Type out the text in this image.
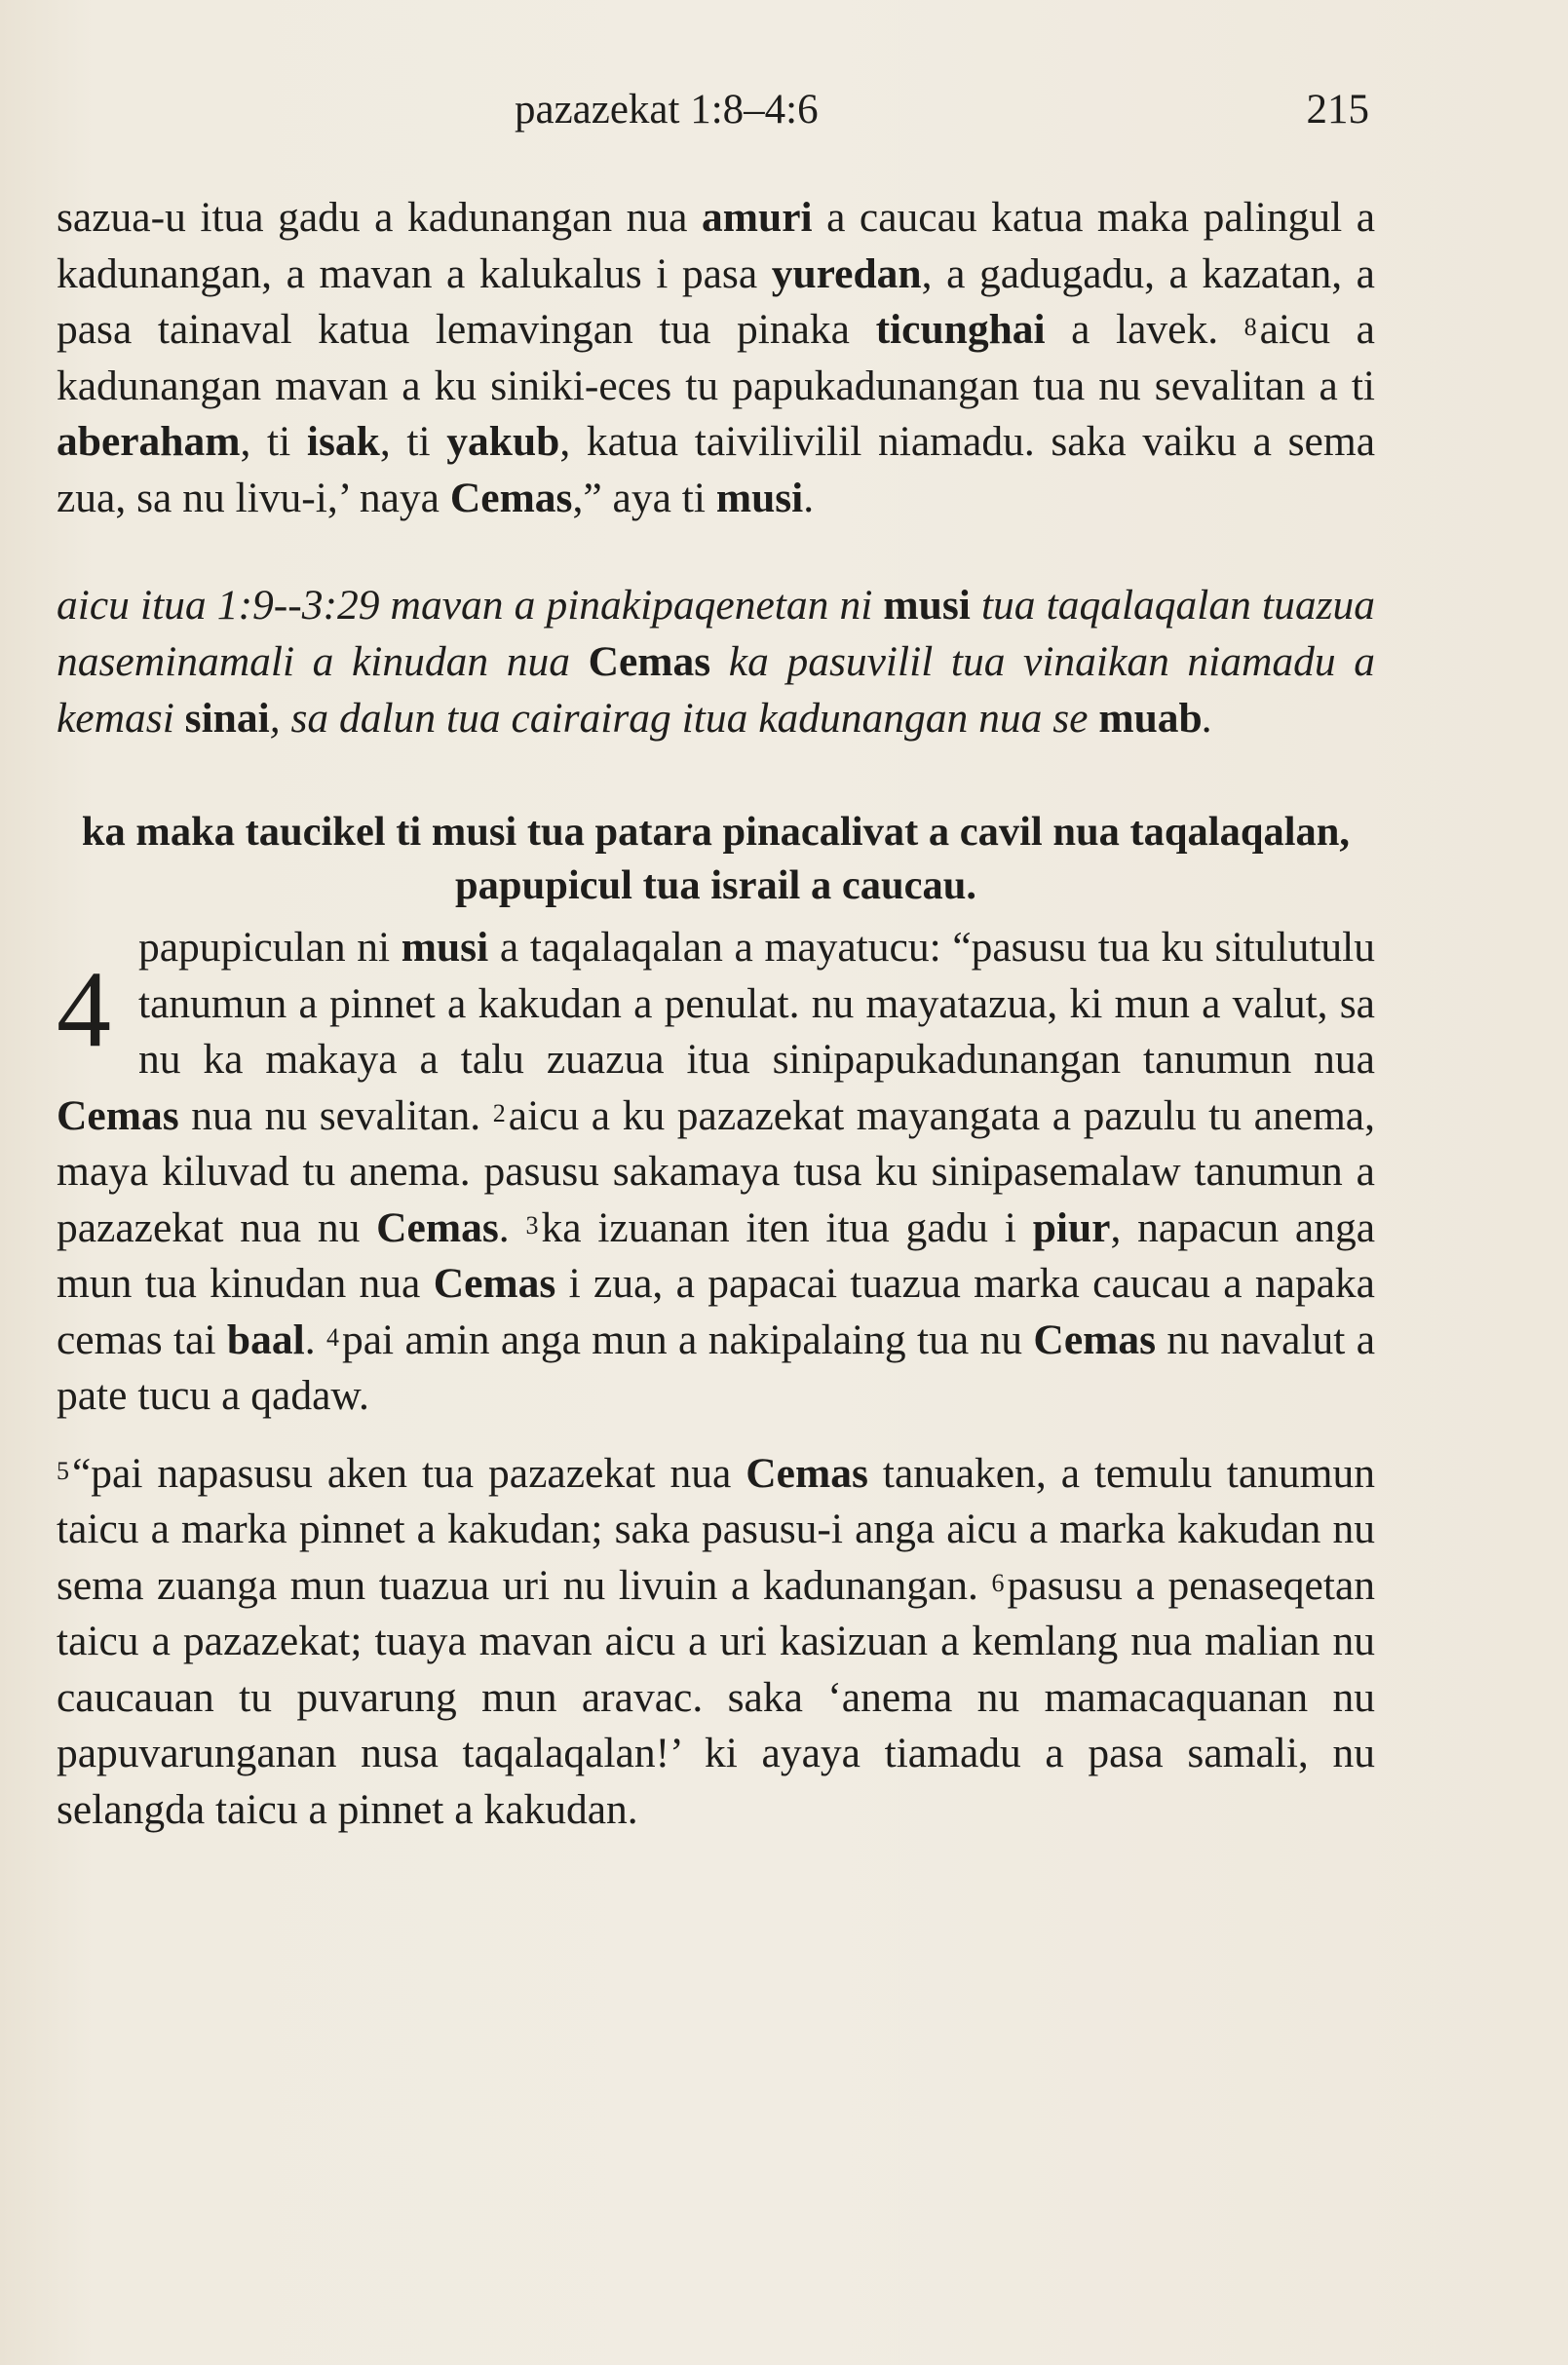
pazazekat 1:8–4:6	215

sazua-u itua gadu a kadunangan nua amuri a caucau katua maka palingul a kadunangan, a mavan a kalukalus i pasa yuredan, a gadugadu, a kazatan, a pasa tainaval katua lemavingan tua pinaka ticunghai a lavek. $^8$aicu a kadunangan mavan a ku siniki-eces tu papukadunangan tua nu sevalitan a ti aberaham, ti isak, ti yakub, katua taivilivilil niamadu. saka vaiku a sema zua, sa nu livu-i,’ naya Cemas,” aya ti musi.

aicu itua 1:9--3:29 mavan a pinakipaqenetan ni musi tua taqalaqalan tuazua naseminamali a kinudan nua Cemas ka pasuvilil tua vinaikan niamadu a kemasi sinai, sa dalun tua cairairag itua kadunangan nua se muab.

ka maka taucikel ti musi tua patara pinacalivat a cavil nua taqalaqalan, papupicul tua israil a caucau.

4
papupiculan ni musi a taqalaqalan a mayatucu: “pasusu tua ku situlutulu tanumun a pinnet a kakudan a penulat. nu mayatazua, ki mun a valut, sa nu ka makaya a talu zuazua itua sinipapukadunangan tanumun nua Cemas nua nu sevalitan. $^2$aicu a ku pazazekat mayangata a pazulu tu anema, maya kiluvad tu anema. pasusu sakamaya tusa ku sinipasemalaw tanumun a pazazekat nua nu Cemas. $^3$ka izuanan iten itua gadu i piur, napacun anga mun tua kinudan nua Cemas i zua, a papacai tuazua marka caucau a napaka cemas tai baal. $^4$pai amin anga mun a nakipalaing tua nu Cemas nu navalut a pate tucu a qadaw.

$^5$“pai napasusu aken tua pazazekat nua Cemas tanuaken, a temulu tanumun taicu a marka pinnet a kakudan; saka pasusu-i anga aicu a marka kakudan nu sema zuanga mun tuazua uri nu livuin a kadunangan. $^6$pasusu a penaseqetan taicu a pazazekat; tuaya mavan aicu a uri kasizuan a kemlang nua malian nu caucauan tu puvarung mun aravac. saka ‘anema nu mamacaquanan nu papuvarunganan nusa taqalaqalan!’ ki ayaya tiamadu a pasa samali, nu selangda taicu a pinnet a kakudan.
